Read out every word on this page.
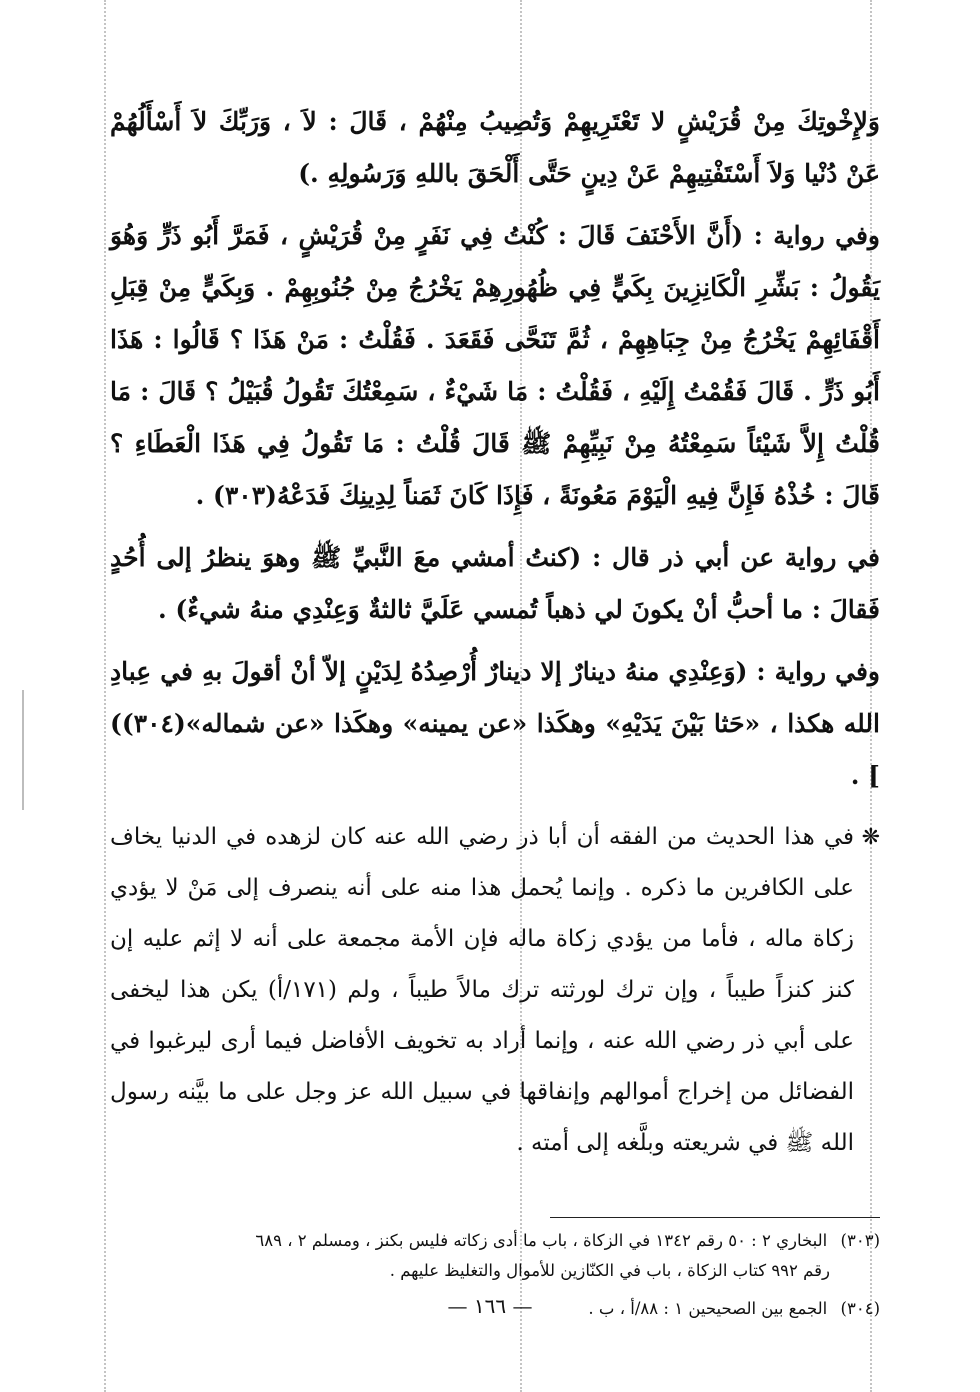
وَلإِخْوتِكَ مِنْ قُرَيْشٍ لا تَعْتَرِيهِمْ وَتُصِيبُ مِنْهُمْ ، قَالَ : لاَ ، وَرَبِّكَ لاَ أَسْأَلُهُمْ عَنْ دُنْيا وَلاَ أَسْتَفْتِيهِمْ عَنْ دِينٍ حَتَّى أَلْحَقَ باللهِ وَرَسُولِهِ .)

وفي رواية : (أَنَّ الأَحْنَفَ قَالَ : كُنْتُ فِي نَفَرٍ مِنْ قُرَيْشٍ ، فَمَرَّ أَبُو ذَرٍّ وَهُوَ يَقُولُ : بَشِّرِ الْكَانِزِينَ بِكَيٍّ فِي ظُهُورِهِمْ يَخْرُجُ مِنْ جُنُوبِهِمْ . وَبِكَيٍّ مِنْ قِبَلِ أَقْفَائِهِمْ يَخْرُجُ مِنْ جِبَاهِهِمْ ، ثُمَّ تَنَحَّى فَقَعَدَ . فَقُلْتُ : مَنْ هَذَا ؟ قَالُوا : هَذَا أَبُو ذَرٍّ . قَالَ فَقُمْتُ إِلَيْهِ ، فَقُلْتُ : مَا شَيْءٌ ، سَمِعْتُكَ تَقُولُ قُبَيْلُ ؟ قَالَ : مَا قُلْتُ إِلاَّ شَيْئاً سَمِعْتُهُ مِنْ نَبِيِّهِمْ ﷺ قَالَ قُلْتُ : مَا تَقُولُ فِي هَذَا الْعَطَاءِ ؟ قَالَ : خُذْهُ فَإِنَّ فِيهِ الْيَوْمَ مَعُونَةً ، فَإِذَا كَانَ ثَمَناً لِدِينِكَ فَدَعْهُ(٣٠٣) .

في رواية عن أبي ذر قال : (كنتُ أمشي معَ النَّبيِّ ﷺ وهوَ ينظرُ إلى أُحُدٍ فَقالَ : ما أحبُّ أنْ يكونَ لي ذهباً تُمسي عَلَيَّ ثالثةٌ وَعِنْدِي منهُ شيءٌ) .

وفي رواية : (وَعِنْدِي منهُ دينارٌ إلا دينارٌ أُرْصِدُهُ لِدَيْنٍ إلاّ أنْ أقولَ بهِ في عِبادِ الله هكذا ، «حَثا بَيْنَ يَدَيْهِ» وهكَذا «عن يمينه» وهكَذا «عن شماله»(٣٠٤)) ] .

❋
في هذا الحديث من الفقه أن أبا ذر رضي الله عنه كان لزهده في الدنيا يخاف على الكافرين ما ذكره . وإنما يُحمل هذا منه على أنه ينصرف إلى مَنْ لا يؤدي زكاة ماله ، فأما من يؤدي زكاة ماله فإن الأمة مجمعة على أنه لا إثم عليه إن كنز كنزاً طيباً ، وإن ترك لورثته ترك مالاً طيباً ، ولم (١٧١/أ) يكن هذا ليخفى على أبي ذر رضي الله عنه ، وإنما أراد به تخويف الأفاضل فيما أرى ليرغبوا في الفضائل من إخراج أموالهم وإنفاقها في سبيل الله عز وجل على ما بيَّنه رسول الله ﷺ في شريعته وبلَّغه إلى أمته .
(٣٠٣) البخاري ٢ : ٥٠ رقم ١٣٤٢ في الزكاة ، باب ما أدى زكاته فليس بكنز ، ومسلم ٢ ، ٦٨٩
رقم ٩٩٢ كتاب الزكاة ، باب في الكنّازين للأموال والتغليظ عليهم .
(٣٠٤) الجمع بين الصحيحين ١ : ٨٨/أ ، ب .
— ١٦٦ —
